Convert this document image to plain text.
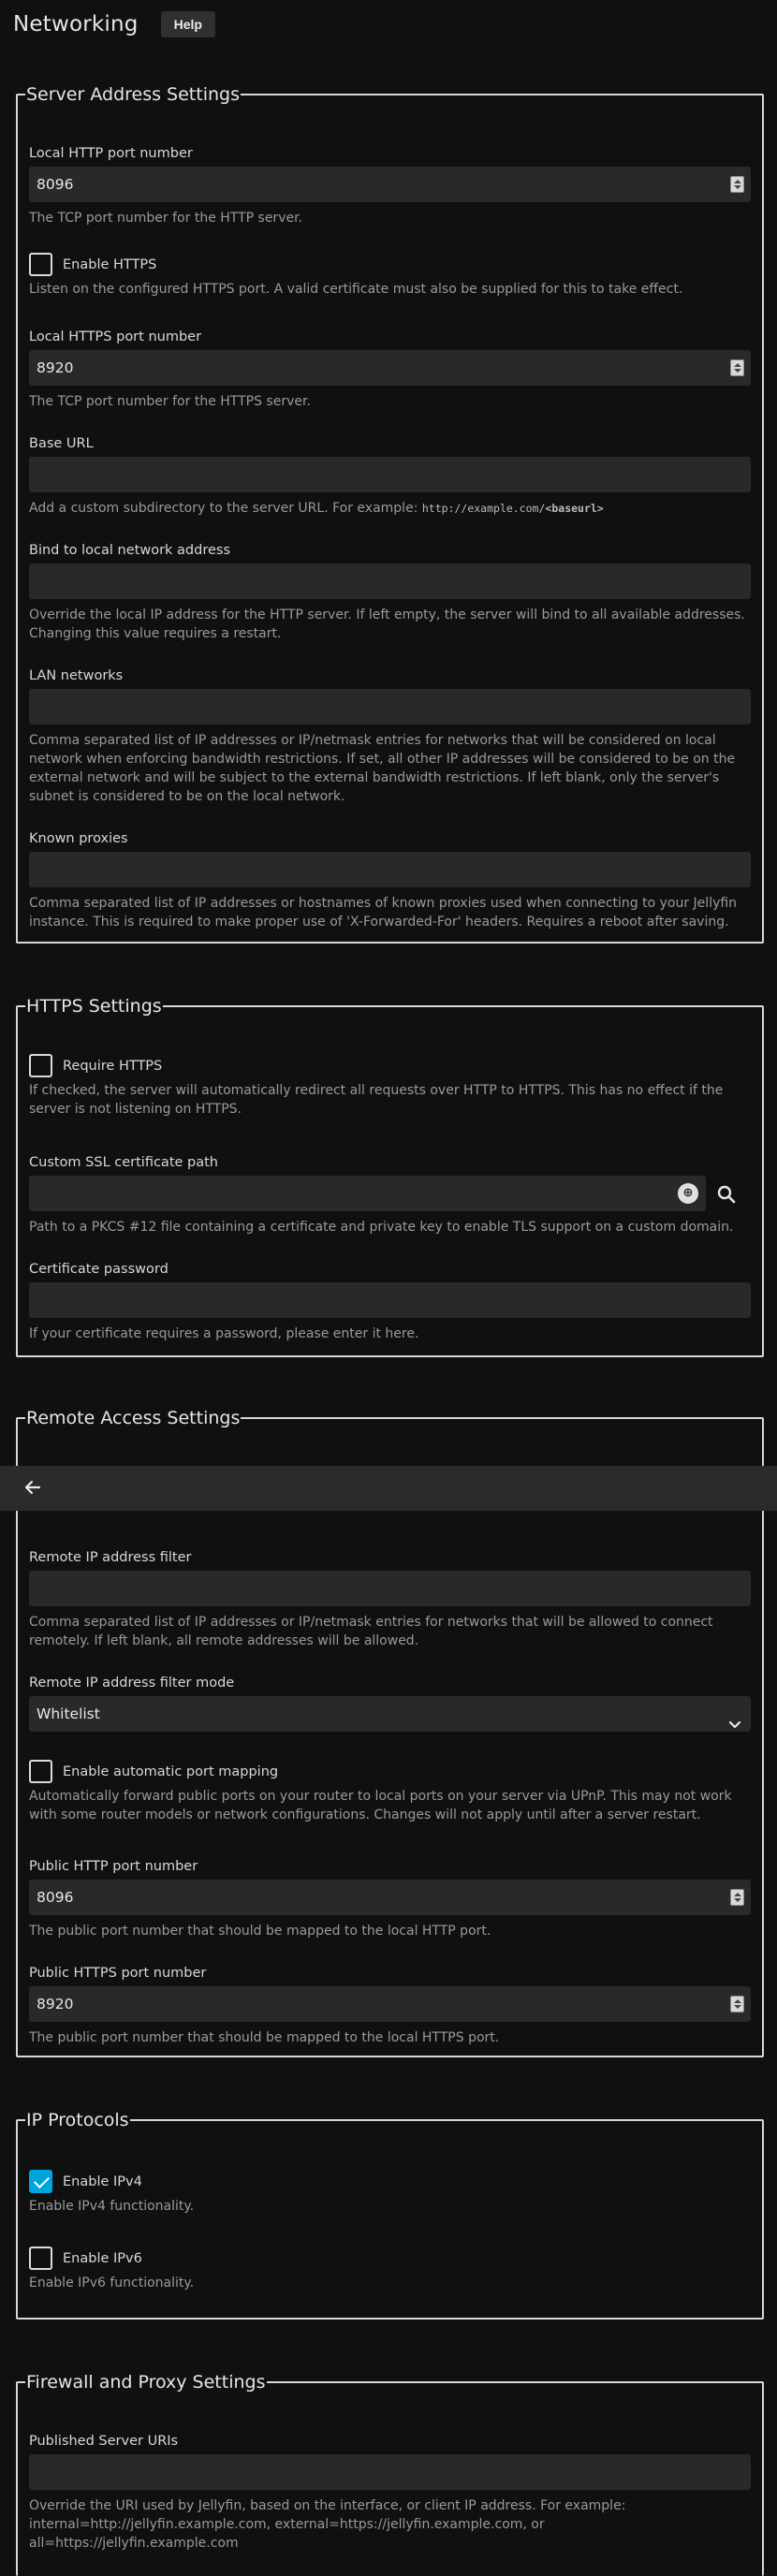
Networking	Help
Server Address Settings
Local HTTP port number
8096
The TCP port number for the HTTP server.
Enable HTTPS
Listen on the configured HTTPS port. A valid certificate must also be supplied for this to take effect.
Local HTTPS port number
8920
The TCP port number for the HTTPS server.
Base URL
Add a custom subdirectory to the server URL. For example: http://example.com/<baseurl>
Bind to local network address
Override the local IP address for the HTTP server. If left empty, the server will bind to all available addresses. Changing this value requires a restart.
LAN networks
Comma separated list of IP addresses or IP/netmask entries for networks that will be considered on local network when enforcing bandwidth restrictions. If set, all other IP addresses will be considered to be on the external network and will be subject to the external bandwidth restrictions. If left blank, only the server's subnet is considered to be on the local network.
Known proxies
Comma separated list of IP addresses or hostnames of known proxies used when connecting to your Jellyfin instance. This is required to make proper use of 'X-Forwarded-For' headers. Requires a reboot after saving.
HTTPS Settings
Require HTTPS
If checked, the server will automatically redirect all requests over HTTP to HTTPS. This has no effect if the server is not listening on HTTPS.
Custom SSL certificate path
⊕
Path to a PKCS #12 file containing a certificate and private key to enable TLS support on a custom domain.
Certificate password
If your certificate requires a password, please enter it here.
Remote Access Settings
Remote IP address filter
Comma separated list of IP addresses or IP/netmask entries for networks that will be allowed to connect remotely. If left blank, all remote addresses will be allowed.
Remote IP address filter mode
Whitelist
Enable automatic port mapping
Automatically forward public ports on your router to local ports on your server via UPnP. This may not work with some router models or network configurations. Changes will not apply until after a server restart.
Public HTTP port number
8096
The public port number that should be mapped to the local HTTP port.
Public HTTPS port number
8920
The public port number that should be mapped to the local HTTPS port.
IP Protocols
Enable IPv4
Enable IPv4 functionality.
Enable IPv6
Enable IPv6 functionality.
Firewall and Proxy Settings
Published Server URIs
Override the URI used by Jellyfin, based on the interface, or client IP address. For example: internal=http://jellyfin.example.com, external=https://jellyfin.example.com, or all=https://jellyfin.example.com
